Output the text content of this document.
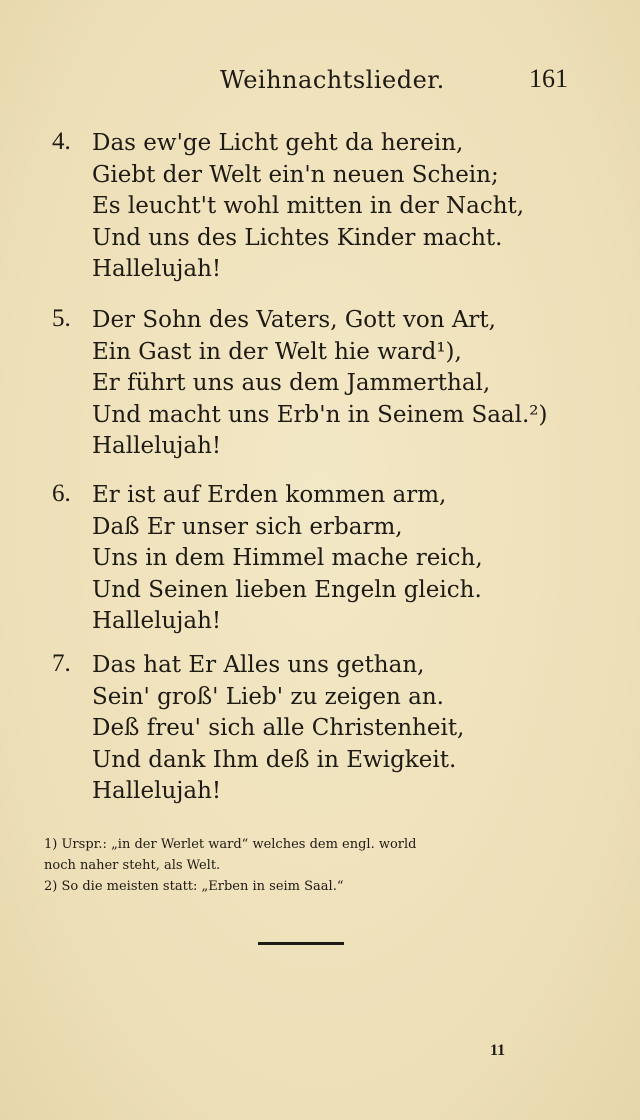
Weihnachtslieder.	161
4. Das ew'ge Licht geht da herein,
Giebt der Welt ein'n neuen Schein;
Es leucht't wohl mitten in der Nacht,
Und uns des Lichtes Kinder macht.
Hallelujah!
5. Der Sohn des Vaters, Gott von Art,
Ein Gast in der Welt hie ward¹),
Er führt uns aus dem Jammerthal,
Und macht uns Erb'n in Seinem Saal.²)
Hallelujah!
6. Er ist auf Erden kommen arm,
Daß Er unser sich erbarm,
Uns in dem Himmel mache reich,
Und Seinen lieben Engeln gleich.
Hallelujah!
7. Das hat Er Alles uns gethan,
Sein' groß' Lieb' zu zeigen an.
Deß freu' sich alle Christenheit,
Und dank Ihm deß in Ewigkeit.
Hallelujah!
1) Urspr.: „in der Werlet ward“ welches dem engl. world
noch naher steht, als Welt.
2) So die meisten statt: „Erben in seim Saal.“
11
